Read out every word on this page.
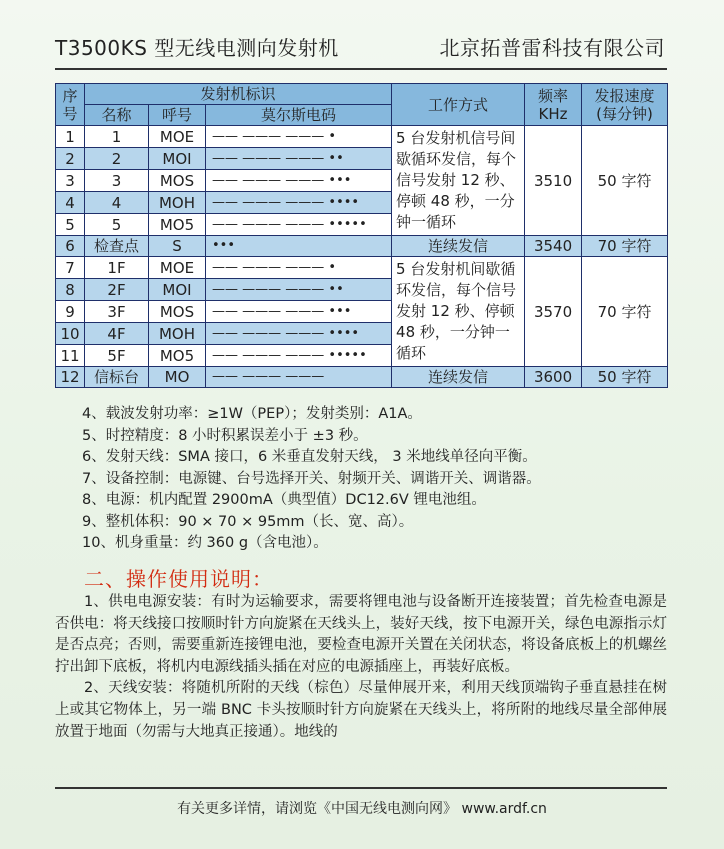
T3500KS 型无线电测向发射机	北京拓普雷科技有限公司
序号	发射机标识			工作方式	频率KHz	发报速度(每分钟)
	名称	呼号	莫尔斯电码			
1	1	MOE	—— ——— ——— •	5 台发射机信号间歇循环发信，每个信号发射 12 秒、停顿 48 秒，一分钟一循环	3510	50 字符
2	2	MOI	—— ——— ——— ••			
3	3	MOS	—— ——— ——— •••			
4	4	MOH	—— ——— ——— ••••			
5	5	MO5	—— ——— ——— •••••			
6	检查点	S	•••	连续发信	3540	70 字符
7	1F	MOE	—— ——— ——— •	5 台发射机间歇循环发信，每个信号发射 12 秒、停顿 48 秒，一分钟一循环	3570	70 字符
8	2F	MOI	—— ——— ——— ••			
9	3F	MOS	—— ——— ——— •••			
10	4F	MOH	—— ——— ——— ••••			
11	5F	MO5	—— ——— ——— •••••			
12	信标台	MO	—— ——— ———	连续发信	3600	50 字符
4、载波发射功率：≥1W（PEP）；发射类别：A1A。
5、时控精度：8 小时积累误差小于 ±3 秒。
6、发射天线：SMA 接口，6 米垂直发射天线， 3 米地线单径向平衡。
7、设备控制：电源键、台号选择开关、射频开关、调谐开关、调谐器。
8、电源：机内配置 2900mA（典型值）DC12.6V 锂电池组。
9、整机体积：90 × 70 × 95mm（长、宽、高）。
10、机身重量：约 360 g（含电池）。
二、操作使用说明：

1、供电电源安装：有时为运输要求，需要将锂电池与设备断开连接装置；首先检查电源是否供电：将天线接口按顺时针方向旋紧在天线头上，装好天线，按下电源开关，绿色电源指示灯是否点亮；否则，需要重新连接锂电池，要检查电源开关置在关闭状态，将设备底板上的机螺丝拧出卸下底板，将机内电源线插头插在对应的电源插座上，再装好底板。

2、天线安装：将随机所附的天线（棕色）尽量伸展开来，利用天线顶端钩子垂直悬挂在树上或其它物体上，另一端 BNC 卡头按顺时针方向旋紧在天线头上，将所附的地线尽量全部伸展放置于地面（勿需与大地真正接通）。地线的

有关更多详情，请浏览《中国无线电测向网》 www.ardf.cn
